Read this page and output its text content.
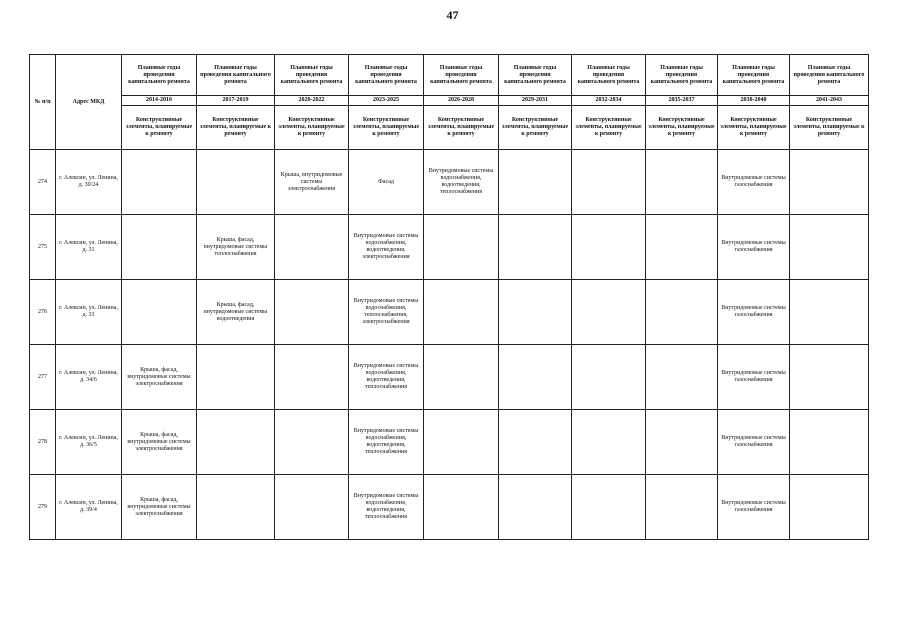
47
№ п/п	Адрес МКД	Плановые годы проведения капитального ремонта	Плановые годы проведения капитального ремонта	Плановые годы проведения капитального ремонта	Плановые годы проведения капитального ремонта	Плановые годы проведения капитального ремонта	Плановые годы проведения капитального ремонта	Плановые годы проведения капитального ремонта	Плановые годы проведения капитального ремонта	Плановые годы проведения капитального ремонта	Плановые годы проведения капитального ремонта
		2014-2016	2017-2019	2020-2022	2023-2025	2026-2028	2029-2031	2032-2034	2035-2037	2038-2040	2041-2043
		Конструктивные элементы, планируемые к ремонту	Конструктивные элементы, планируемые к ремонту	Конструктивные элементы, планируемые к ремонту	Конструктивные элементы, планируемые к ремонту	Конструктивные элементы, планируемые к ремонту	Конструктивные элементы, планируемые к ремонту	Конструктивные элементы, планируемые к ремонту	Конструктивные элементы, планируемые к ремонту	Конструктивные элементы, планируемые к ремонту	Конструктивные элементы, планируемые к ремонту
274	г. Алексин, ул. Ленина, д. 30/24			Крыша, внутридомовые системы электроснабжения	Фасад	Внутридомовые системы водоснабжения, водоотведения, теплоснабжения				Внутридомовые системы газоснабжения	
275	г. Алексин, ул. Ленина, д. 31		Крыша, фасад, внутридомовые системы теплоснабжения		Внутридомовые системы водоснабжения, водоотведения, электроснабжения					Внутридомовые системы газоснабжения	
276	г. Алексин, ул. Ленина, д. 33		Крыша, фасад, внутридомовые системы водоотведения		Внутридомовые системы водоснабжения, теплоснабжения, электроснабжения					Внутридомовые системы газоснабжения	
277	г. Алексин, ул. Ленина, д. 34/6	Крыша, фасад, внутридомовые системы электроснабжения			Внутридомовые системы водоснабжения, водоотведения, теплоснабжения					Внутридомовые системы газоснабжения	
278	г. Алексин, ул. Ленина, д. 36/5	Крыша, фасад, внутридомовые системы электроснабжения			Внутридомовые системы водоснабжения, водоотведения, теплоснабжения					Внутридомовые системы газоснабжения	
279	г. Алексин, ул. Ленина, д. 39/4	Крыша, фасад, внутридомовые системы электроснабжения			Внутридомовые системы водоснабжения, водоотведения, теплоснабжения					Внутридомовые системы газоснабжения	
